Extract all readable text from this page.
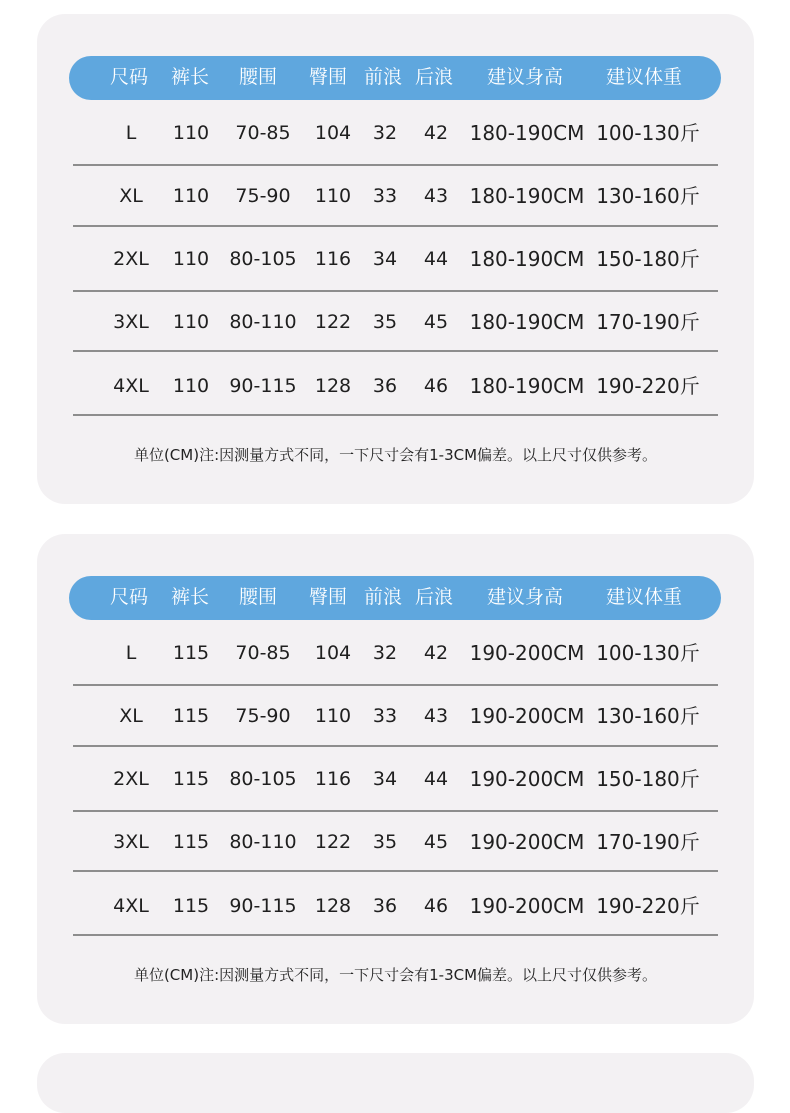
尺码 裤长 腰围 臀围 前浪 后浪 建议身高 建议体重
L 110 70-85 104 32 42 180-190CM 100-130斤
XL 110 75-90 110 33 43 180-190CM 130-160斤
2XL 110 80-105 116 34 44 180-190CM 150-180斤
3XL 110 80-110 122 35 45 180-190CM 170-190斤
4XL 110 90-115 128 36 46 180-190CM 190-220斤
单位(CM)注:因测量方式不同，一下尺寸会有1-3CM偏差。以上尺寸仅供参考。
尺码 裤长 腰围 臀围 前浪 后浪 建议身高 建议体重
L 115 70-85 104 32 42 190-200CM 100-130斤
XL 115 75-90 110 33 43 190-200CM 130-160斤
2XL 115 80-105 116 34 44 190-200CM 150-180斤
3XL 115 80-110 122 35 45 190-200CM 170-190斤
4XL 115 90-115 128 36 46 190-200CM 190-220斤
单位(CM)注:因测量方式不同，一下尺寸会有1-3CM偏差。以上尺寸仅供参考。
